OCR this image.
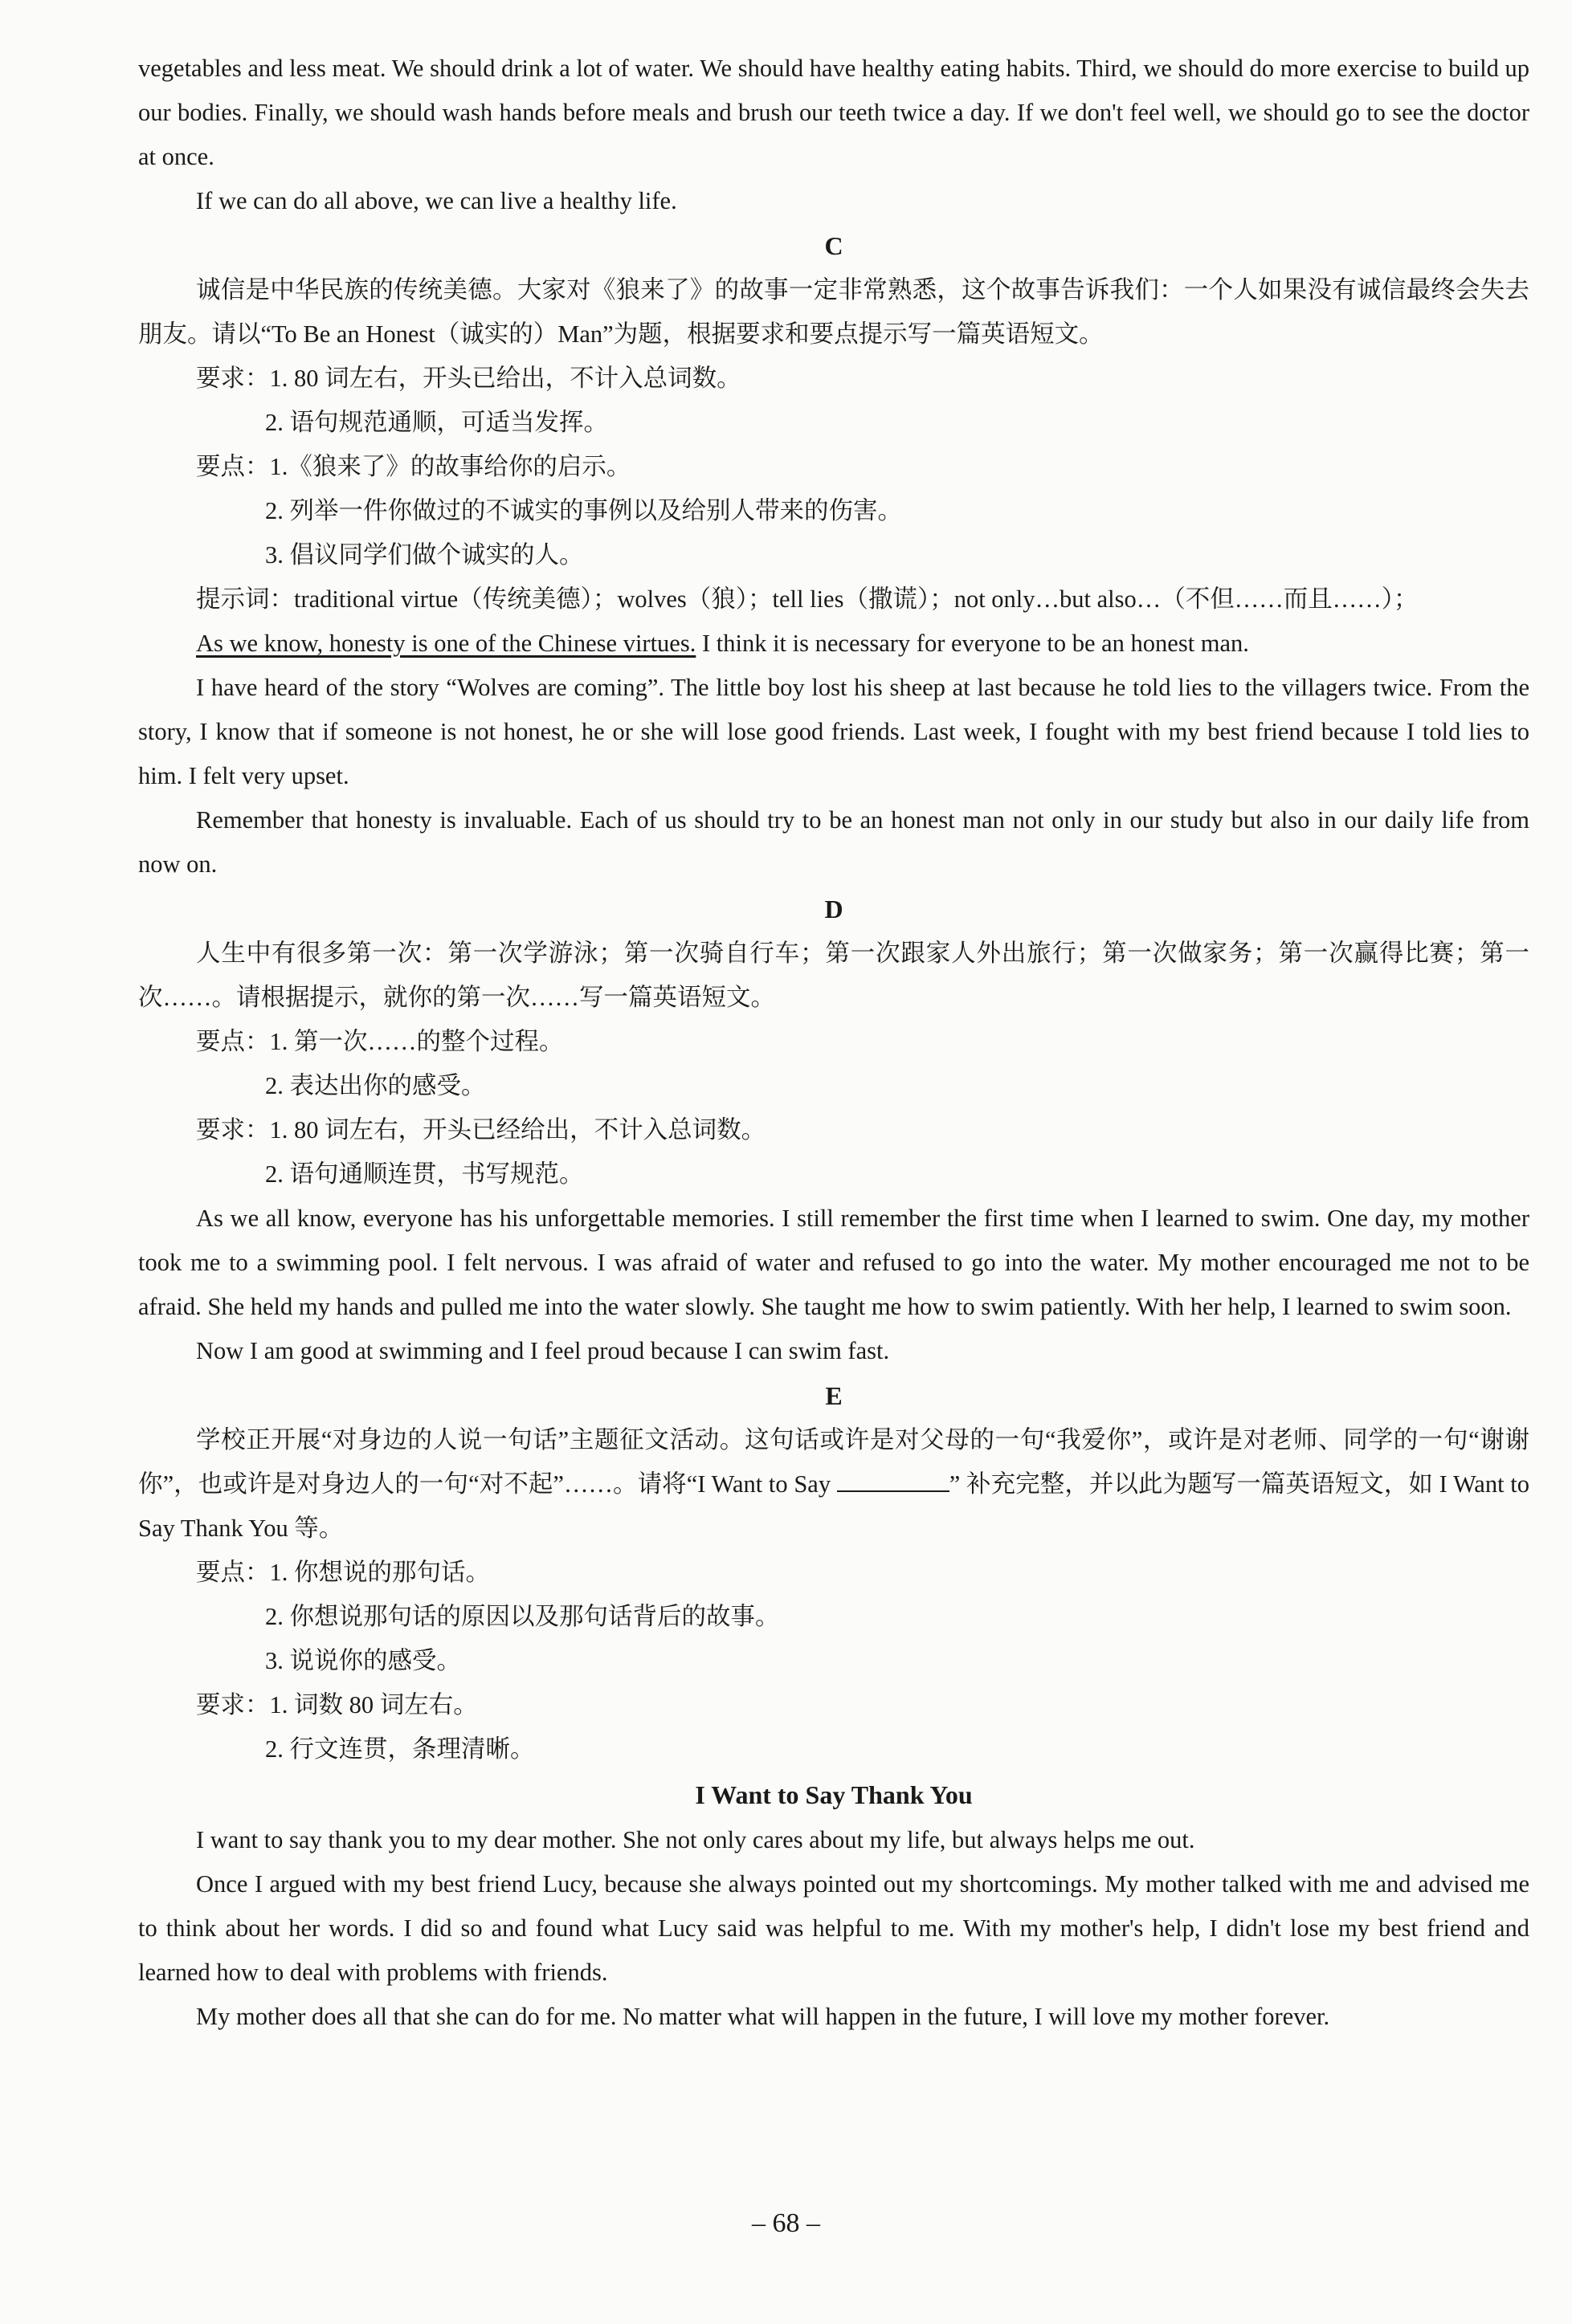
vegetables and less meat. We should drink a lot of water. We should have healthy eating habits. Third, we should do more exercise to build up our bodies. Finally, we should wash hands before meals and brush our teeth twice a day. If we don't feel well, we should go to see the doctor at once.

If we can do all above, we can live a healthy life.

C

诚信是中华民族的传统美德。大家对《狼来了》的故事一定非常熟悉，这个故事告诉我们：一个人如果没有诚信最终会失去朋友。请以“To Be an Honest（诚实的）Man”为题，根据要求和要点提示写一篇英语短文。

要求：1. 80 词左右，开头已给出，不计入总词数。

2. 语句规范通顺，可适当发挥。

要点：1.《狼来了》的故事给你的启示。

2. 列举一件你做过的不诚实的事例以及给别人带来的伤害。

3. 倡议同学们做个诚实的人。

提示词：traditional virtue（传统美德）；wolves（狼）；tell lies（撒谎）；not only…but also…（不但……而且……）；

As we know, honesty is one of the Chinese virtues. I think it is necessary for everyone to be an honest man.

I have heard of the story “Wolves are coming”. The little boy lost his sheep at last because he told lies to the villagers twice. From the story, I know that if someone is not honest, he or she will lose good friends. Last week, I fought with my best friend because I told lies to him. I felt very upset.

Remember that honesty is invaluable. Each of us should try to be an honest man not only in our study but also in our daily life from now on.

D

人生中有很多第一次：第一次学游泳；第一次骑自行车；第一次跟家人外出旅行；第一次做家务；第一次赢得比赛；第一次……。请根据提示，就你的第一次……写一篇英语短文。

要点：1. 第一次……的整个过程。

2. 表达出你的感受。

要求：1. 80 词左右，开头已经给出，不计入总词数。

2. 语句通顺连贯，书写规范。

As we all know, everyone has his unforgettable memories. I still remember the first time when I learned to swim. One day, my mother took me to a swimming pool. I felt nervous. I was afraid of water and refused to go into the water. My mother encouraged me not to be afraid. She held my hands and pulled me into the water slowly. She taught me how to swim patiently. With her help, I learned to swim soon.

Now I am good at swimming and I feel proud because I can swim fast.

E

学校正开展“对身边的人说一句话”主题征文活动。这句话或许是对父母的一句“我爱你”，或许是对老师、同学的一句“谢谢你”，也或许是对身边人的一句“对不起”……。请将“I Want to Say	” 补充完整，并以此为题写一篇英语短文，如 I Want to Say Thank You 等。

要点：1. 你想说的那句话。

2. 你想说那句话的原因以及那句话背后的故事。

3. 说说你的感受。

要求：1. 词数 80 词左右。

2. 行文连贯，条理清晰。

I Want to Say Thank You

I want to say thank you to my dear mother. She not only cares about my life, but always helps me out.

Once I argued with my best friend Lucy, because she always pointed out my shortcomings. My mother talked with me and advised me to think about her words. I did so and found what Lucy said was helpful to me. With my mother's help, I didn't lose my best friend and learned how to deal with problems with friends.

My mother does all that she can do for me. No matter what will happen in the future, I will love my mother forever.

– 68 –
